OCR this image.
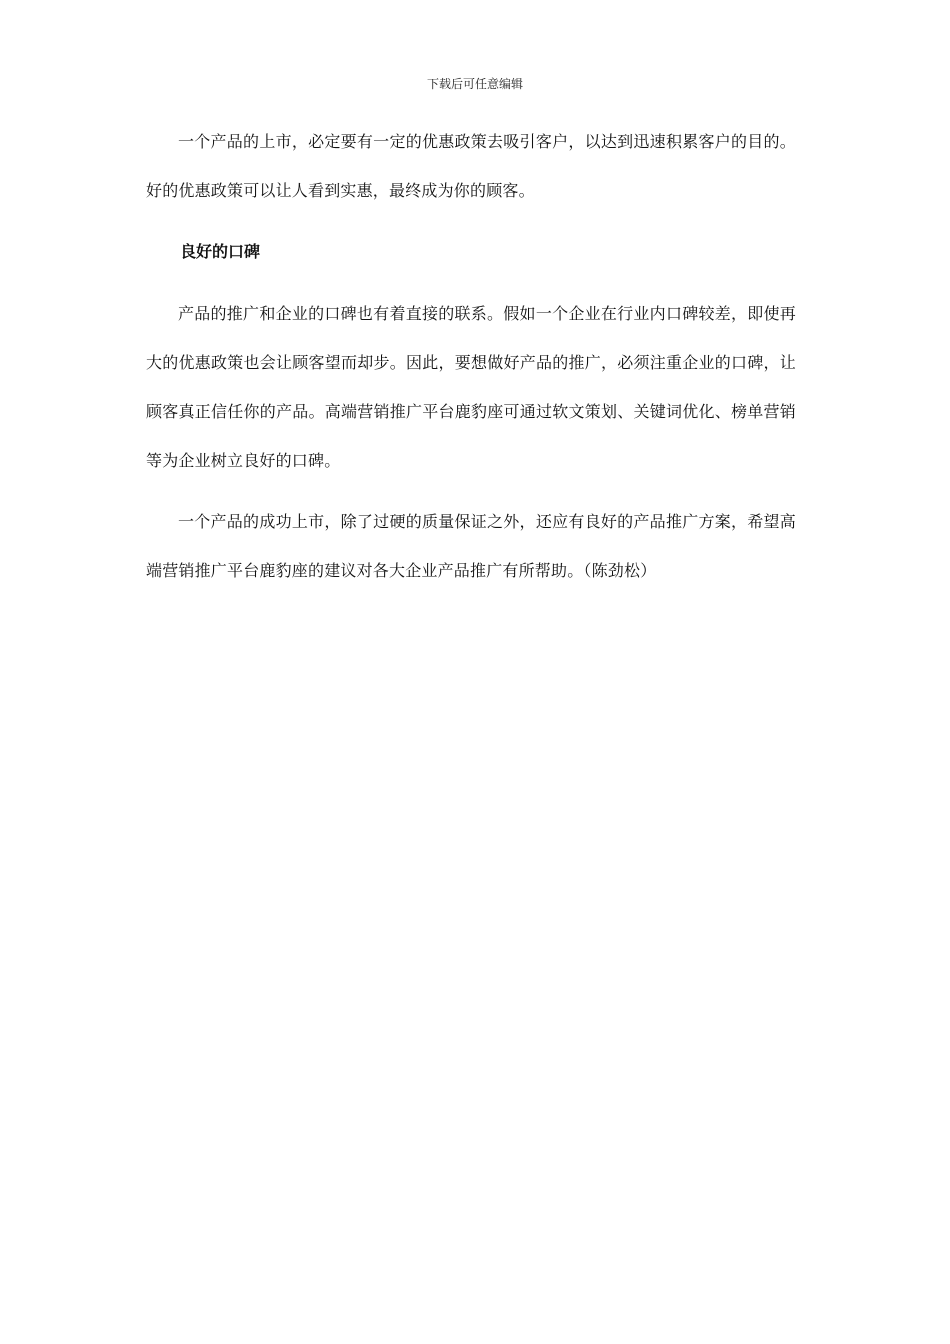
下载后可任意编辑

一个产品的上市，必定要有一定的优惠政策去吸引客户，以达到迅速积累客户的目的。好的优惠政策可以让人看到实惠，最终成为你的顾客。

良好的口碑

产品的推广和企业的口碑也有着直接的联系。假如一个企业在行业内口碑较差，即使再大的优惠政策也会让顾客望而却步。因此，要想做好产品的推广，必须注重企业的口碑，让顾客真正信任你的产品。高端营销推广平台鹿豹座可通过软文策划、关键词优化、榜单营销等为企业树立良好的口碑。

一个产品的成功上市，除了过硬的质量保证之外，还应有良好的产品推广方案，希望高端营销推广平台鹿豹座的建议对各大企业产品推广有所帮助。（陈劲松）
